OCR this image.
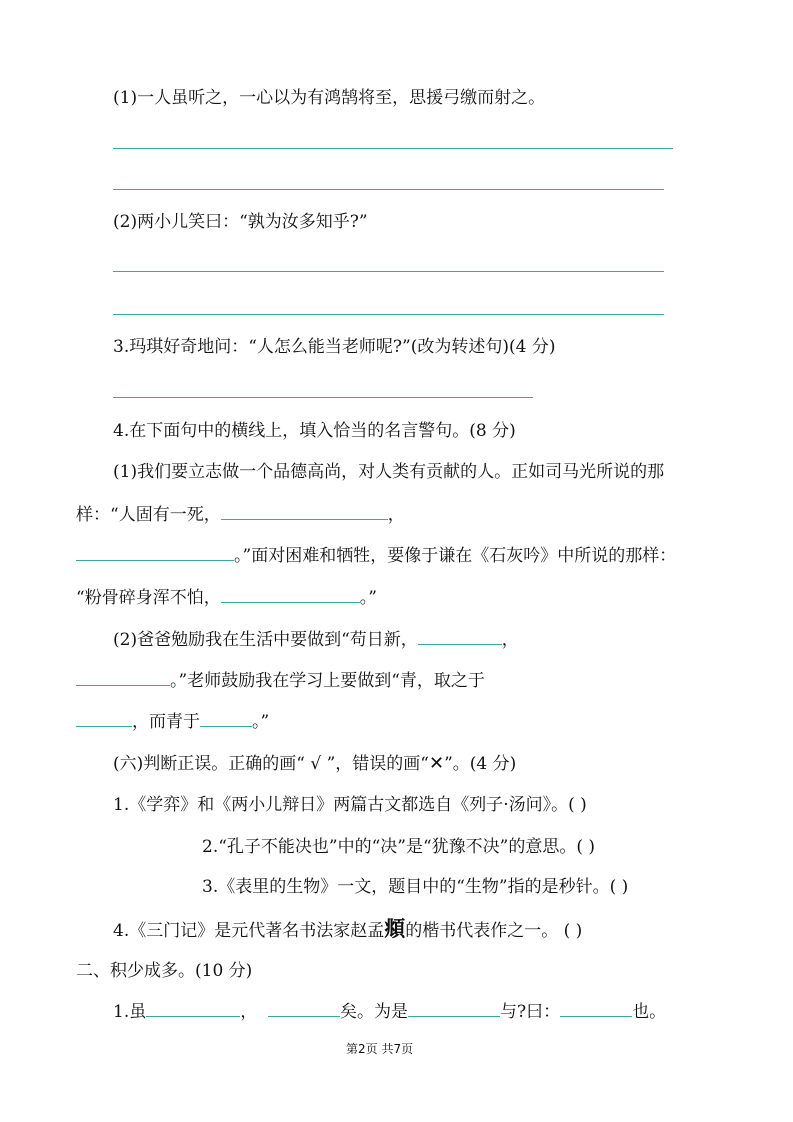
(1)一人虽听之，一心以为有鸿鹄将至，思援弓缴而射之。
(2)两小儿笑曰：“孰为汝多知乎?”
3.玛琪好奇地问：“人怎么能当老师呢?”(改为转述句)(4 分)
4.在下面句中的横线上，填入恰当的名言警句。(8 分)
(1)我们要立志做一个品德高尚，对人类有贡献的人。正如司马光所说的那
样：“人固有一死，	，
。”面对困难和牺牲，要像于谦在《石灰吟》中所说的那样：
“粉骨碎身浑不怕，	。”
(2)爸爸勉励我在生活中要做到“苟日新，	，
。”老师鼓励我在学习上要做到“青，取之于
，而青于	。”
(六)判断正误。正确的画“ √ ”，错误的画“✕”。(4 分)
1.《学弈》和《两小儿辩日》两篇古文都选自《列子·汤问》。( )
2.“孔子不能决也”中的“决”是“犹豫不决”的意思。( )
3.《表里的生物》一文，题目中的“生物”指的是秒针。( )
4.《三门记》是元代著名书法家赵孟頫的楷书代表作之一。 ( )
二、积少成多。(10 分)
1.虽	，	矣。为是	与?曰：	也。
第2页 共7页
